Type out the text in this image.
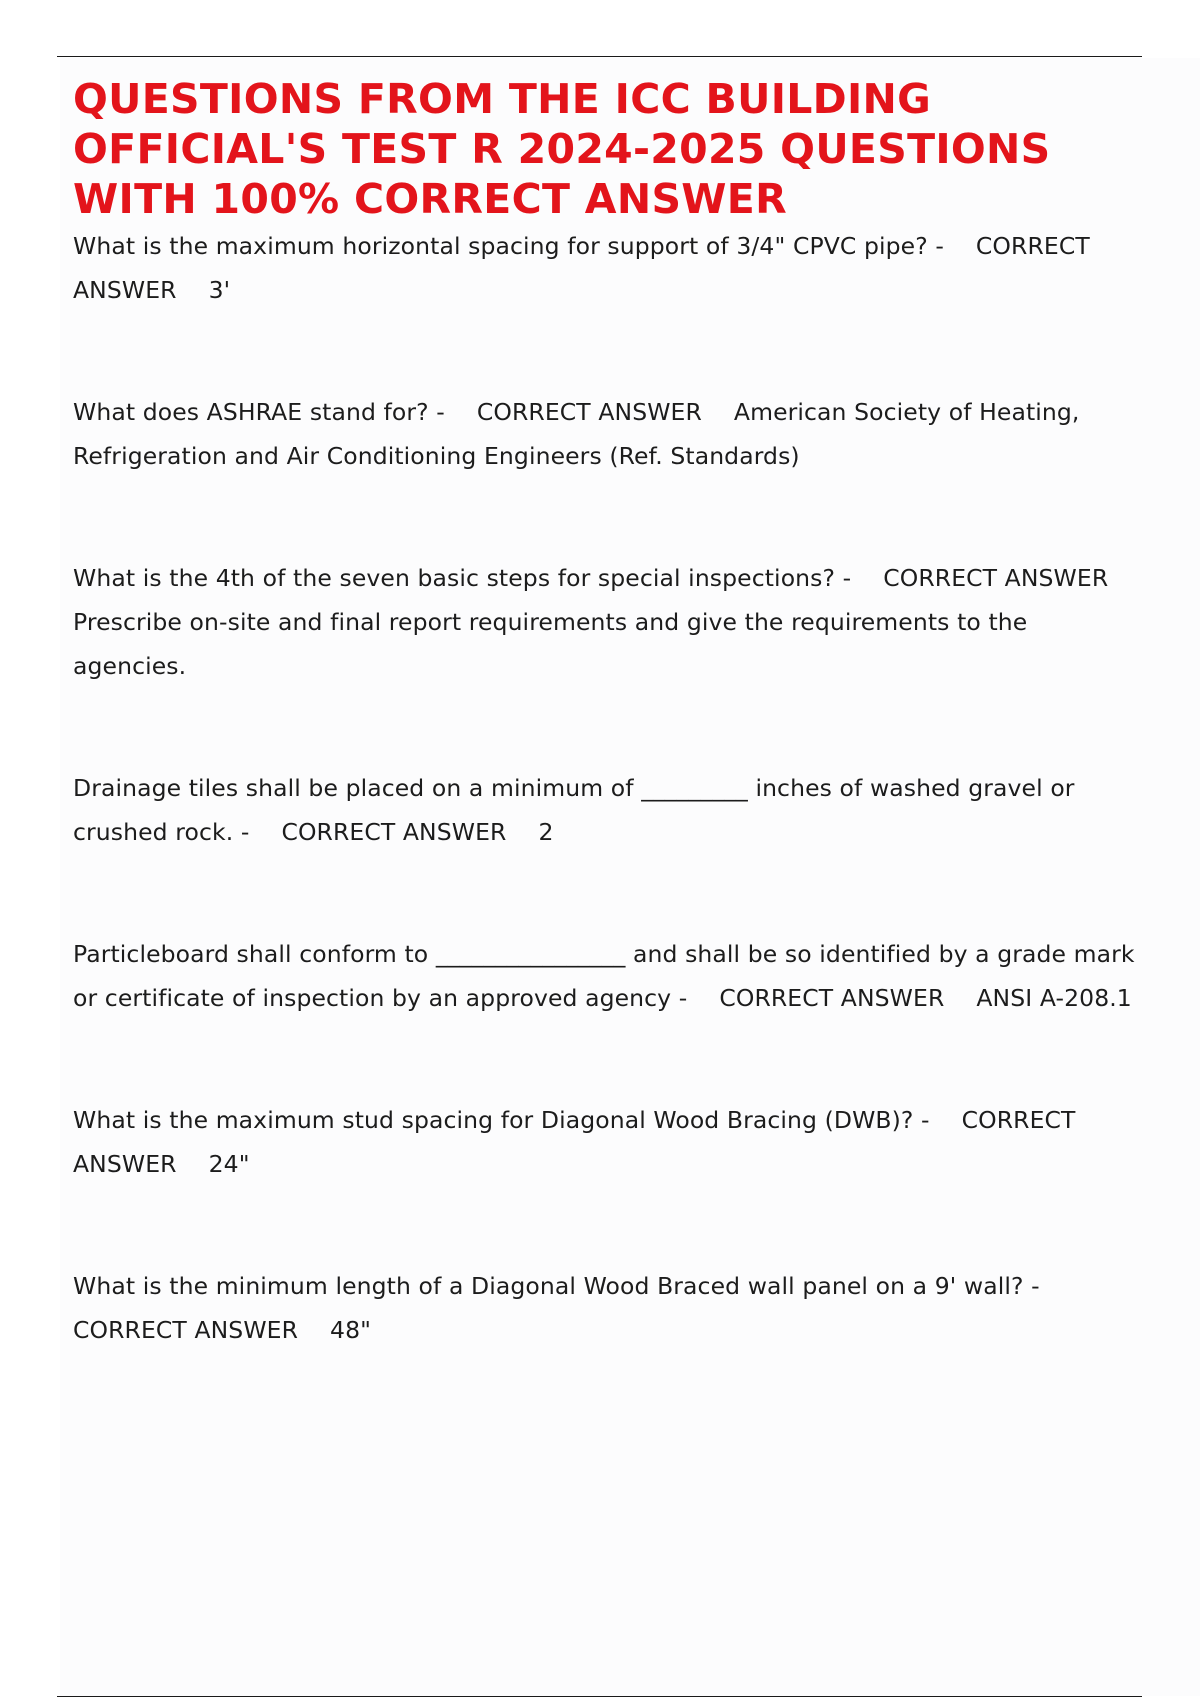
QUESTIONS FROM THE ICC BUILDING OFFICIAL'S TEST R 2024-2025 QUESTIONS WITH 100% CORRECT ANSWER
What is the maximum horizontal spacing for support of 3/4" CPVC pipe? - CORRECT ANSWER 3'
What does ASHRAE stand for? - CORRECT ANSWER American Society of Heating, Refrigeration and Air Conditioning Engineers (Ref. Standards)
What is the 4th of the seven basic steps for special inspections? - CORRECT ANSWERPrescribe on-site and final report requirements and give the requirements to the agencies.
Drainage tiles shall be placed on a minimum of _________ inches of washed gravel or crushed rock. - CORRECT ANSWER 2
Particleboard shall conform to ________________ and shall be so identified by a grade mark or certificate of inspection by an approved agency - CORRECT ANSWER ANSI A-208.1
What is the maximum stud spacing for Diagonal Wood Bracing (DWB)? - CORRECT ANSWER 24"
What is the minimum length of a Diagonal Wood Braced wall panel on a 9' wall? -CORRECT ANSWER 48"
